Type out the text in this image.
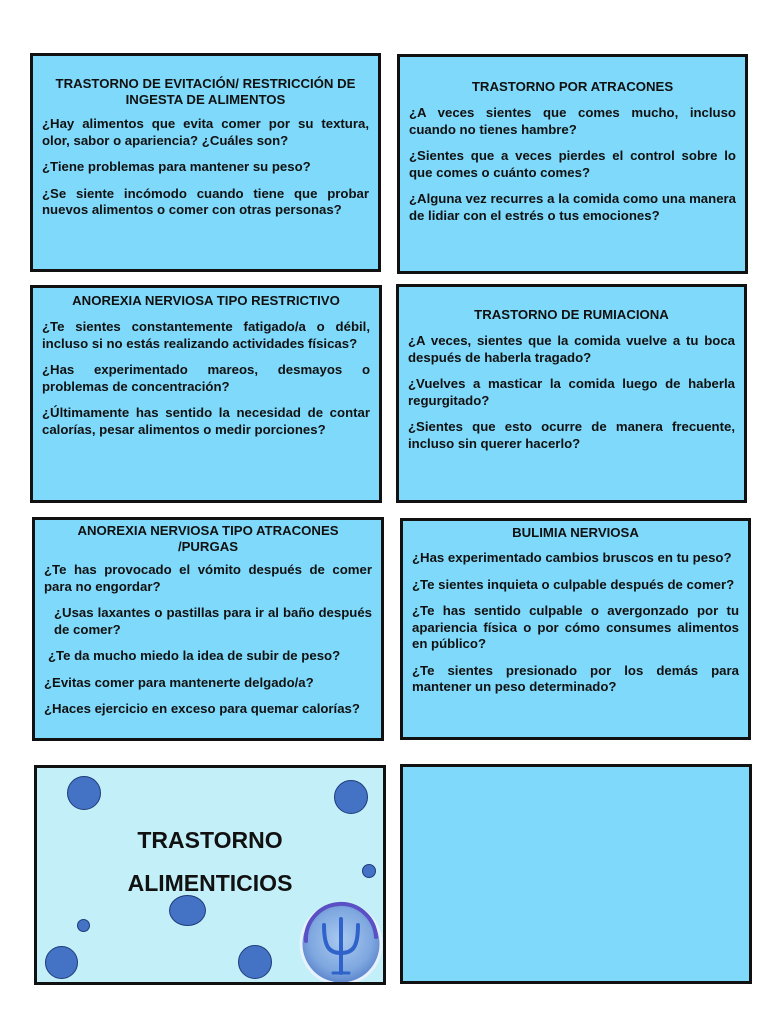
TRASTORNO DE EVITACIÓN/ RESTRICCIÓN DE INGESTA DE ALIMENTOS
¿Hay alimentos que evita comer por su textura, olor, sabor o apariencia? ¿Cuáles son?
¿Tiene problemas para mantener su peso?
¿Se siente incómodo cuando tiene que probar nuevos alimentos o comer con otras personas?
TRASTORNO POR ATRACONES
¿A veces sientes que comes mucho, incluso cuando no tienes hambre?
¿Sientes que a veces pierdes el control sobre lo que comes o cuánto comes?
¿Alguna vez recurres a la comida como una manera de lidiar con el estrés o tus emociones?
ANOREXIA NERVIOSA TIPO RESTRICTIVO
¿Te sientes constantemente fatigado/a o débil, incluso si no estás realizando actividades físicas?
¿Has experimentado mareos, desmayos o problemas de concentración?
¿Últimamente has sentido la necesidad de contar calorías, pesar alimentos o medir porciones?
TRASTORNO DE RUMIACIONA
¿A veces, sientes que la comida vuelve a tu boca después de haberla tragado?
¿Vuelves a masticar la comida luego de haberla regurgitado?
¿Sientes que esto ocurre de manera frecuente, incluso sin querer hacerlo?
ANOREXIA NERVIOSA TIPO ATRACONES /PURGAS
¿Te has provocado el vómito después de comer para no engordar?
¿Usas laxantes o pastillas para ir al baño después de comer?
¿Te da mucho miedo la idea de subir de peso?
¿Evitas comer para mantenerte delgado/a?
¿Haces ejercicio en exceso para quemar calorías?
BULIMIA NERVIOSA
¿Has experimentado cambios bruscos en tu peso?
¿Te sientes inquieta o culpable después de comer?
¿Te has sentido culpable o avergonzado por tu apariencia física o por cómo consumes alimentos en público?
¿Te sientes presionado por los demás para mantener un peso determinado?
TRASTORNO
ALIMENTICIOS
